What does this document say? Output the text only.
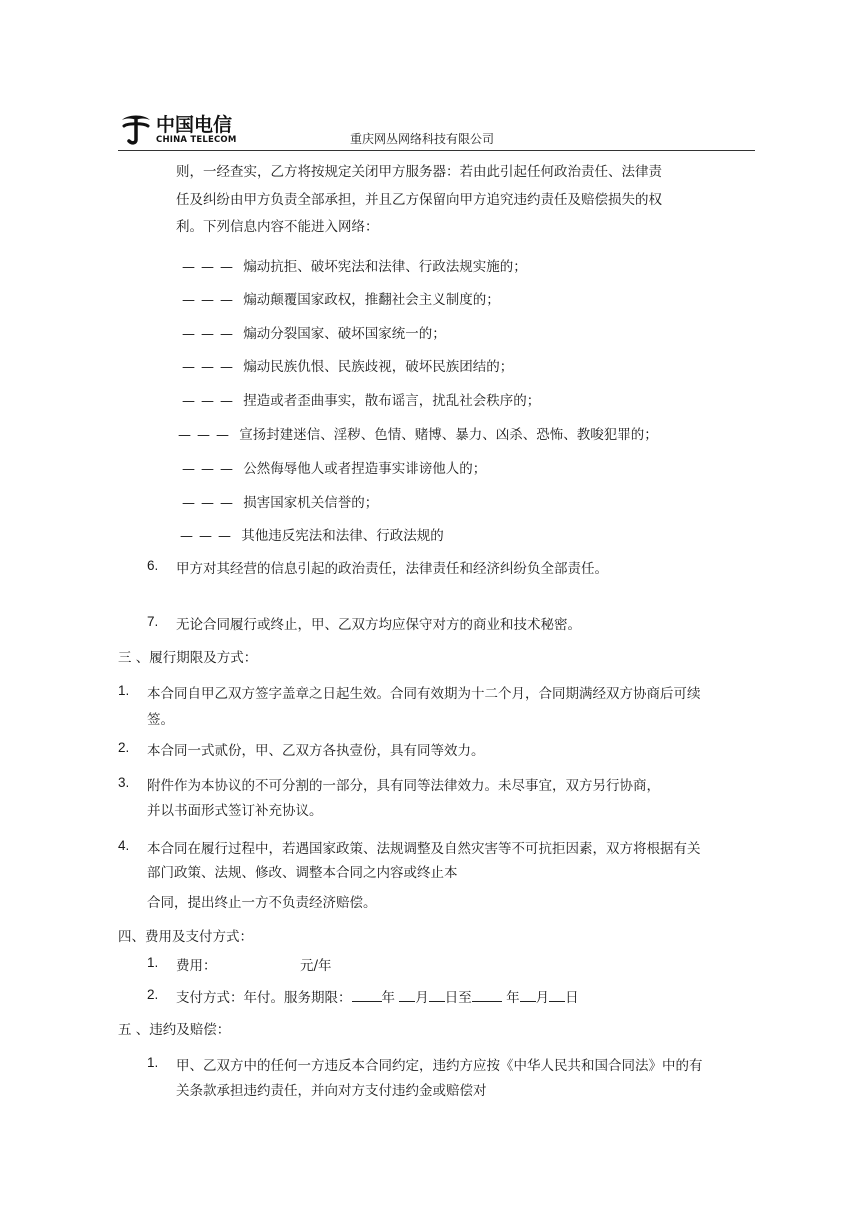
中国电信
CHINA TELECOM	重庆网丛网络科技有限公司
则，一经查实，乙方将按规定关闭甲方服务器：若由此引起任何政治责任、法律责
任及纠纷由甲方负责全部承担，并且乙方保留向甲方追究违约责任及赔偿损失的权
利。下列信息内容不能进入网络：
——— 煽动抗拒、破坏宪法和法律、行政法规实施的；
——— 煽动颠覆国家政权，推翻社会主义制度的；
——— 煽动分裂国家、破坏国家统一的；
——— 煽动民族仇恨、民族歧视，破坏民族团结的；
——— 捏造或者歪曲事实，散布谣言，扰乱社会秩序的；
——— 宣扬封建迷信、淫秽、色情、赌博、暴力、凶杀、恐怖、教唆犯罪的；
——— 公然侮辱他人或者捏造事实诽谤他人的；
——— 损害国家机关信誉的；
——— 其他违反宪法和法律、行政法规的
6. 甲方对其经营的信息引起的政治责任，法律责任和经济纠纷负全部责任。
7. 无论合同履行或终止，甲、乙双方均应保守对方的商业和技术秘密。
三 、履行期限及方式：
1. 本合同自甲乙双方签字盖章之日起生效。合同有效期为十二个月，合同期满经双方协商后可续
签。
2. 本合同一式贰份，甲、乙双方各执壹份，具有同等效力。
3. 附件作为本协议的不可分割的一部分，具有同等法律效力。未尽事宜，双方另行协商，
并以书面形式签订补充协议。
4. 本合同在履行过程中，若遇国家政策、法规调整及自然灾害等不可抗拒因素，双方将根据有关
部门政策、法规、修改、调整本合同之内容或终止本
合同，提出终止一方不负责经济赔偿。
四、费用及支付方式：
1. 费用：	元/年
2. 支付方式：年付。服务期限： 年 月 日至	年 月 日
五 、违约及赔偿：
1. 甲、乙双方中的任何一方违反本合同约定，违约方应按《中华人民共和国合同法》中的有
关条款承担违约责任，并向对方支付违约金或赔偿对
